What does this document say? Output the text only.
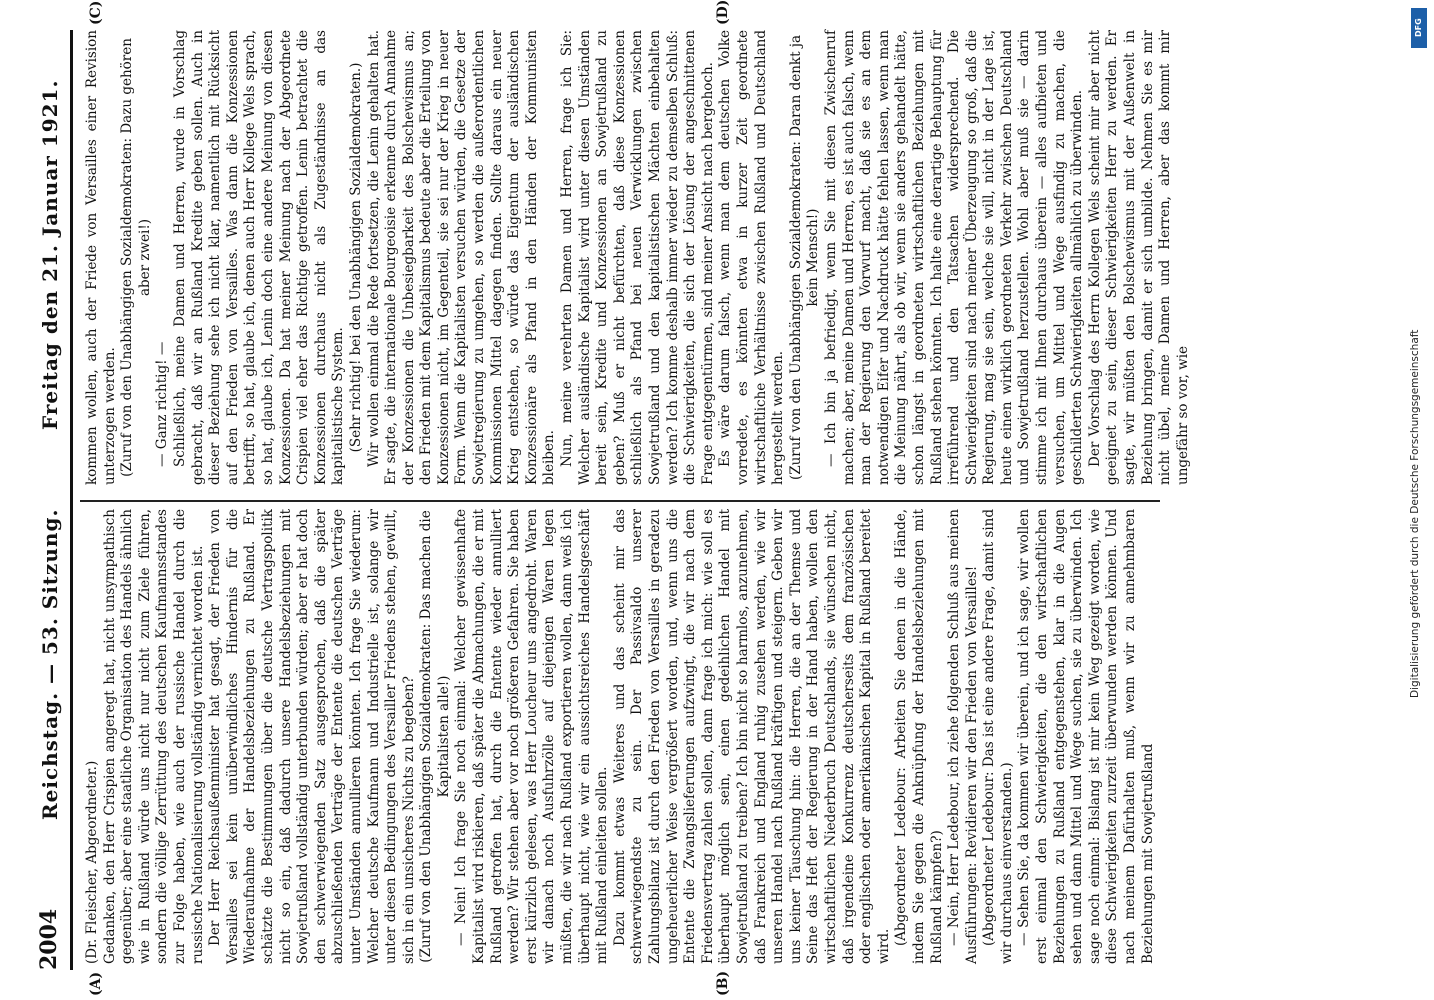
2004
Reichstag. — 53. Sitzung.
Freitag den 21. Januar 1921.
(A)	(B)
(C)	(D)

(Dr. Fleischer, Abgeordneter.) Gedanken, den Herr Crispien angeregt hat, nicht unsympathisch gegenüber; aber eine staatliche Organisation des Handels ähnlich wie in Rußland würde uns nicht nur nicht zum Ziele führen, sondern die völlige Zerrüttung des deutschen Kaufmannsstandes zur Folge haben, wie auch der russische Handel durch die russische Nationalisierung vollständig vernichtet worden ist. Der Herr Reichsaußenminister hat gesagt, der Frieden von Versailles sei kein unüberwindliches Hindernis für die Wiederaufnahme der Handelsbeziehungen zu Rußland. Er schätzte die Bestimmungen über die deutsche Vertragspolitik nicht so ein, daß dadurch unsere Handelsbeziehungen mit Sowjetrußland vollständig unterbunden würden; aber er hat doch den schwerwiegenden Satz ausgesprochen, daß die später abzuschließenden Verträge der Entente die deutschen Verträge unter Umständen annullieren könnten. Ich frage Sie wiederum: Welcher deutsche Kaufmann und Industrielle ist, solange wir unter diesen Bedingungen des Versailler Friedens stehen, gewillt, sich in ein unsicheres Nichts zu begeben? (Zuruf von den Unabhängigen Sozialdemokraten: Das machen die Kapitalisten alle!) — Nein! Ich frage Sie noch einmal: Welcher gewissenhafte Kapitalist wird riskieren, daß später die Abmachungen, die er mit Rußland getroffen hat, durch die Entente wieder annulliert werden? Wir stehen aber vor noch größeren Gefahren. Sie haben erst kürzlich gelesen, was Herr Loucheur uns angedroht. Waren wir danach noch Ausfuhrzölle auf diejenigen Waren legen müßten, die wir nach Rußland exportieren wollen, dann weiß ich überhaupt nicht, wie wir ein aussichtsreiches Handelsgeschäft mit Rußland einleiten sollen. Dazu kommt etwas Weiteres und das scheint mir das schwerwiegendste zu sein. Der Passivsaldo unserer Zahlungsbilanz ist durch den Frieden von Versailles in geradezu ungeheuerlicher Weise vergrößert worden, und, wenn uns die Entente die Zwangslieferungen aufzwingt, die wir nach dem Friedensvertrag zahlen sollen, dann frage ich mich: wie soll es überhaupt möglich sein, einen gedeihlichen Handel mit Sowjetrußland zu treiben? Ich bin nicht so harmlos, anzunehmen, daß Frankreich und England ruhig zusehen werden, wie wir unseren Handel nach Rußland kräftigen und steigern. Geben wir uns keiner Täuschung hin: die Herren, die an der Themse und Seine das Heft der Regierung in der Hand haben, wollen den wirtschaftlichen Niederbruch Deutschlands, sie wünschen nicht, daß irgendeine Konkurrenz deutscherseits dem französischen oder englischen oder amerikanischen Kapital in Rußland bereitet wird.

(Abgeordneter Ledebour: Arbeiten Sie denen in die Hände, indem Sie gegen die Anknüpfung der Handelsbeziehungen mit Rußland kämpfen?) — Nein, Herr Ledebour, ich ziehe folgenden Schluß aus meinen Ausführungen: Revidieren wir den Frieden von Versailles! (Abgeordneter Ledebour: Das ist eine andere Frage, damit sind wir durchaus einverstanden.) — Sehen Sie, da kommen wir überein, und ich sage, wir wollen erst einmal den Schwierigkeiten, die den wirtschaftlichen Beziehungen zu Rußland entgegenstehen, klar in die Augen sehen und dann Mittel und Wege suchen, sie zu überwinden. Ich sage noch einmal: Bislang ist mir kein Weg gezeigt worden, wie diese Schwierigkeiten zurzeit überwunden werden können. Und nach meinem Dafürhalten muß, wenn wir zu annehmbaren Beziehungen mit Sowjetrußland

kommen wollen, auch der Friede von Versailles einer Revision unterzogen werden. (Zuruf von den Unabhängigen Sozialdemokraten: Dazu gehören aber zwei!)

— Ganz richtig! — Schließlich, meine Damen und Herren, wurde in Vorschlag gebracht, daß wir an Rußland Kredite geben sollen. Auch in dieser Beziehung sehe ich nicht klar, namentlich mit Rücksicht auf den Frieden von Versailles. Was dann die Konzessionen betrifft, so hat, glaube ich, denen auch Herr Kollege Wels sprach, so hat, glaube ich, Lenin doch eine andere Meinung von diesen Konzessionen. Da hat meiner Meinung nach der Abgeordnete Crispien viel eher das Richtige getroffen. Lenin betrachtet die Konzessionen durchaus nicht als Zugeständnisse an das kapitalistische System. (Sehr richtig! bei den Unabhängigen Sozialdemokraten.) Wir wollen einmal die Rede fortsetzen, die Lenin gehalten hat. Er sagte, die internationale Bourgeoisie erkenne durch Annahme der Konzessionen die Unbesiegbarkeit des Bolschewismus an; den Frieden mit dem Kapitalismus bedeute aber die Erteilung von Konzessionen nicht, im Gegenteil, sie sei nur der Krieg in neuer Form. Wenn die Kapitalisten versuchen würden, die Gesetze der Sowjetregierung zu umgehen, so werden die außerordentlichen Kommissionen Mittel dagegen finden. Sollte daraus ein neuer Krieg entstehen, so würde das Eigentum der ausländischen Konzessionäre als Pfand in den Händen der Kommunisten bleiben. Nun, meine verehrten Damen und Herren, frage ich Sie: Welcher ausländische Kapitalist wird unter diesen Umständen bereit sein, Kredite und Konzessionen an Sowjetrußland zu geben? Muß er nicht befürchten, daß diese Konzessionen schließlich als Pfand bei neuen Verwicklungen zwischen Sowjetrußland und den kapitalistischen Mächten einbehalten werden? Ich komme deshalb immer wieder zu demselben Schluß: die Schwierigkeiten, die sich der Lösung der angeschnittenen Frage entgegentürmen, sind meiner Ansicht nach bergehoch. Es wäre darum falsch, wenn man dem deutschen Volke vorredete, es könnten etwa in kurzer Zeit geordnete wirtschaftliche Verhältnisse zwischen Rußland und Deutschland hergestellt werden. (Zuruf von den Unabhängigen Sozialdemokraten: Daran denkt ja kein Mensch!) — Ich bin ja befriedigt, wenn Sie mit diesen Zwischenruf machen; aber, meine Damen und Herren, es ist auch falsch, wenn man der Regierung den Vorwurf macht, daß sie es an dem notwendigen Eifer und Nachdruck hätte fehlen lassen, wenn man die Meinung nährt, als ob wir, wenn sie anders gehandelt hätte, schon längst in geordneten wirtschaftlichen Beziehungen mit Rußland stehen könnten. Ich halte eine derartige Behauptung für irreführend und den Tatsachen widersprechend. Die Schwierigkeiten sind nach meiner Überzeugung so groß, daß die Regierung, mag sie sein, welche sie will, nicht in der Lage ist, heute einen wirklich geordneten Verkehr zwischen Deutschland und Sowjetrußland herzustellen. Wohl aber muß sie — darin stimme ich mit Ihnen durchaus überein — alles aufbieten und versuchen, um Mittel und Wege ausfindig zu machen, die geschilderten Schwierigkeiten allmählich zu überwinden. Der Vorschlag des Herrn Kollegen Wels scheint mir aber nicht geeignet zu sein, dieser Schwierigkeiten Herr zu werden. Er sagte, wir müßten den Bolschewismus mit der Außenwelt in Beziehung bringen, damit er sich umbilde. Nehmen Sie es mir nicht übel, meine Damen und Herren, aber das kommt mir ungefähr so vor, wie

DFG
Digitalisierung gefördert durch die Deutsche Forschungsgemeinschaft
